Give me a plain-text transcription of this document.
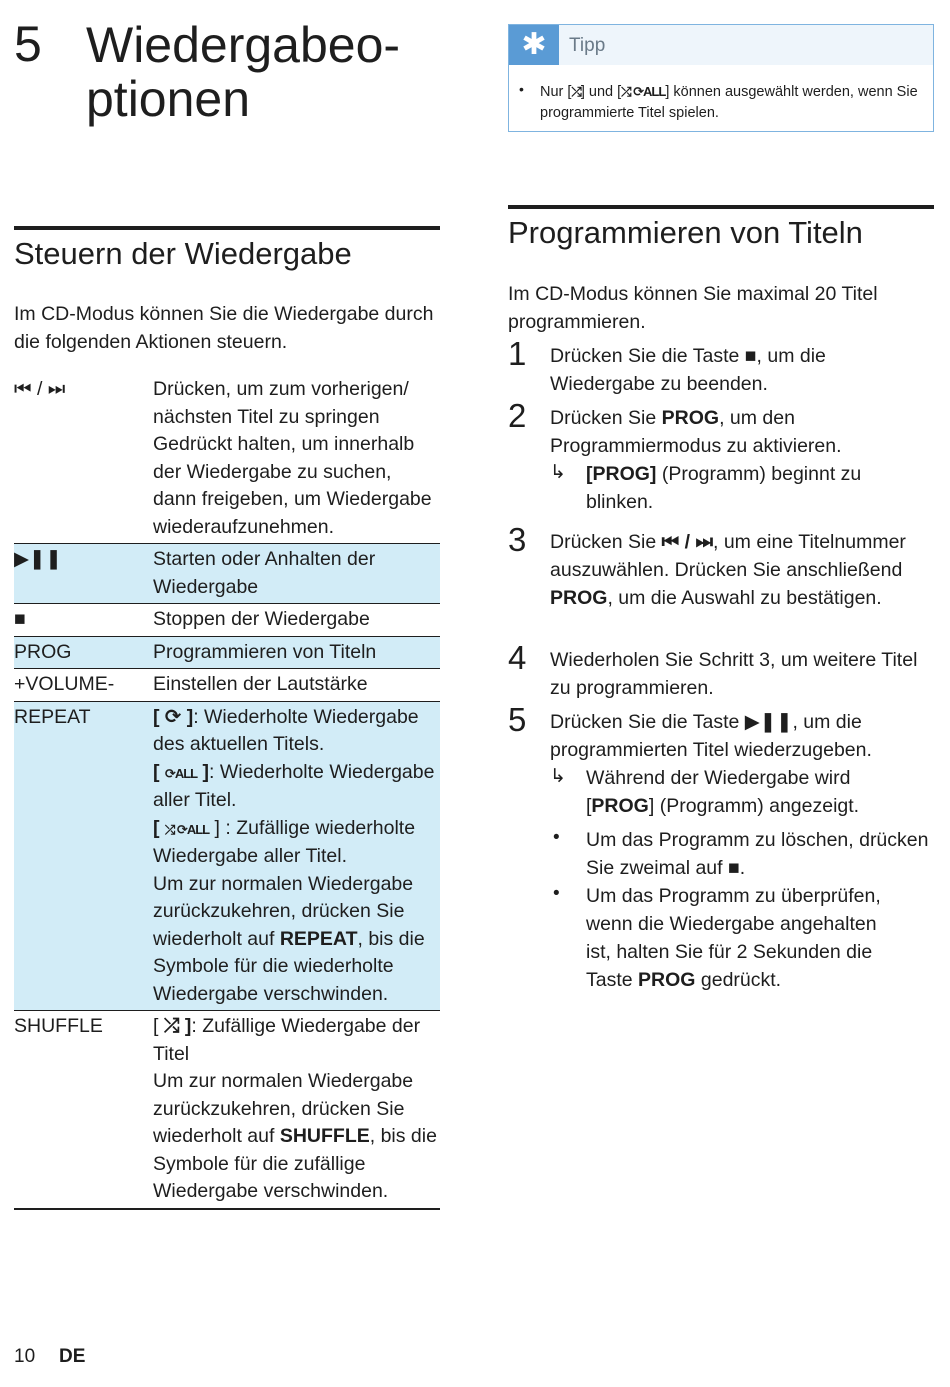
5 Wiedergabeo-
ptionen
✱	Tipp
• Nur [⤮] und [⤮ ⟳ALL] können ausgewählt werden, wenn Sie programmierte Titel spielen.
Steuern der Wiedergabe
Im CD-Modus können Sie die Wiedergabe durch die folgenden Aktionen steuern.
⏮ / ⏭	Drücken, um zum vorherigen/ nächsten Titel zu springen Gedrückt halten, um innerhalb der Wiedergabe zu suchen, dann freigeben, um Wiedergabe wiederaufzunehmen.
▶❚❚	Starten oder Anhalten der Wiedergabe
■	Stoppen der Wiedergabe
PROG	Programmieren von Titeln
+VOLUME-	Einstellen der Lautstärke
REPEAT	[ ⟳ ]: Wiederholte Wiedergabe des aktuellen Titels.
[ ⟳ALL ]: Wiederholte Wiedergabe aller Titel.
[ ⤮ ⟳ALL ] : Zufällige wiederholte Wiedergabe aller Titel.
Um zur normalen Wiedergabe zurückzukehren, drücken Sie wiederholt auf REPEAT, bis die Symbole für die wiederholte Wiedergabe verschwinden.

SHUFFLE	[ ⤮ ]: Zufällige Wiedergabe der Titel
Um zur normalen Wiedergabe zurückzukehren, drücken Sie wiederholt auf SHUFFLE, bis die Symbole für die zufällige Wiedergabe verschwinden.
Programmieren von Titeln
Im CD-Modus können Sie maximal 20 Titel programmieren.
1 Drücken Sie die Taste ■, um die Wiedergabe zu beenden.
2 Drücken Sie PROG, um den Programmiermodus zu aktivieren.
↳ [PROG] (Programm) beginnt zu blinken.
3 Drücken Sie ⏮ / ⏭, um eine Titelnummer auszuwählen. Drücken Sie anschließend PROG, um die Auswahl zu bestätigen.
4 Wiederholen Sie Schritt 3, um weitere Titel zu programmieren.
5 Drücken Sie die Taste ▶❚❚, um die programmierten Titel wiederzugeben.
↳ Während der Wiedergabe wird [PROG] (Programm) angezeigt.
• Um das Programm zu löschen, drücken Sie zweimal auf ■.
• Um das Programm zu überprüfen, wenn die Wiedergabe angehalten ist, halten Sie für 2 Sekunden die Taste PROG gedrückt.
10 DE
